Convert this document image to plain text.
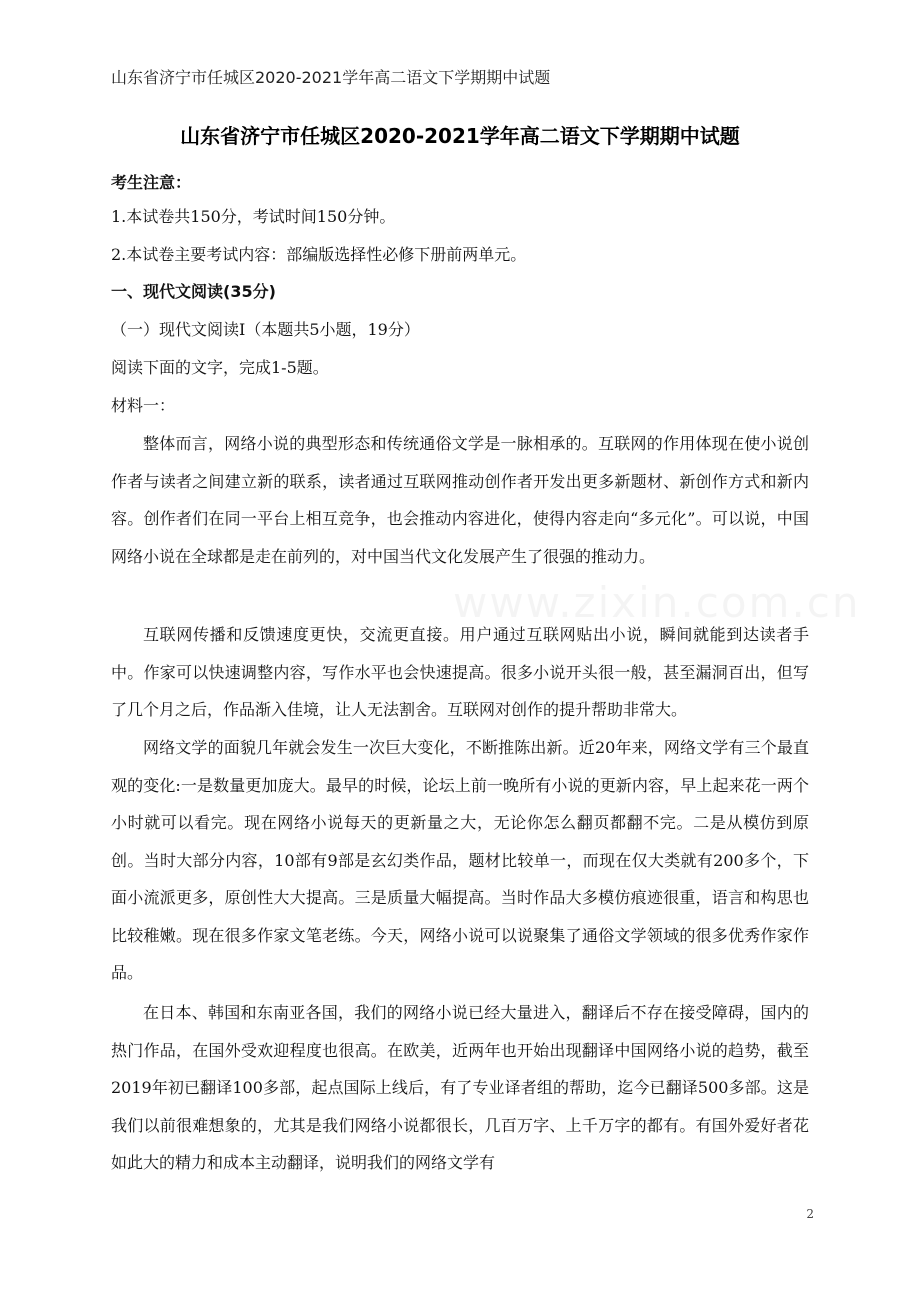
山东省济宁市任城区2020-2021学年高二语文下学期期中试题
山东省济宁市任城区2020-2021学年高二语文下学期期中试题
考生注意：
1.本试卷共150分，考试时间150分钟。
2.本试卷主要考试内容：部编版选择性必修下册前两单元。
一、现代文阅读(35分)
（一）现代文阅读Ⅰ（本题共5小题，19分）
阅读下面的文字，完成1-5题。
材料一：

整体而言，网络小说的典型形态和传统通俗文学是一脉相承的。互联网的作用体现在使小说创作者与读者之间建立新的联系，读者通过互联网推动创作者开发出更多新题材、新创作方式和新内容。创作者们在同一平台上相互竞争，也会推动内容进化，使得内容走向“多元化”。可以说，中国网络小说在全球都是走在前列的，对中国当代文化发展产生了很强的推动力。

互联网传播和反馈速度更快，交流更直接。用户通过互联网贴出小说，瞬间就能到达读者手中。作家可以快速调整内容，写作水平也会快速提高。很多小说开头很一般，甚至漏洞百出，但写了几个月之后，作品渐入佳境，让人无法割舍。互联网对创作的提升帮助非常大。

网络文学的面貌几年就会发生一次巨大变化，不断推陈出新。近20年来，网络文学有三个最直观的变化:一是数量更加庞大。最早的时候，论坛上前一晚所有小说的更新内容，早上起来花一两个小时就可以看完。现在网络小说每天的更新量之大，无论你怎么翻页都翻不完。二是从模仿到原创。当时大部分内容，10部有9部是玄幻类作品，题材比较单一，而现在仅大类就有200多个，下面小流派更多，原创性大大提高。三是质量大幅提高。当时作品大多模仿痕迹很重，语言和构思也比较稚嫩。现在很多作家文笔老练。今天，网络小说可以说聚集了通俗文学领域的很多优秀作家作品。

在日本、韩国和东南亚各国，我们的网络小说已经大量进入，翻译后不存在接受障碍，国内的热门作品，在国外受欢迎程度也很高。在欧美，近两年也开始出现翻译中国网络小说的趋势，截至2019年初已翻译100多部，起点国际上线后，有了专业译者组的帮助，迄今已翻译500多部。这是我们以前很难想象的，尤其是我们网络小说都很长，几百万字、上千万字的都有。有国外爱好者花如此大的精力和成本主动翻译，说明我们的网络文学有

2
